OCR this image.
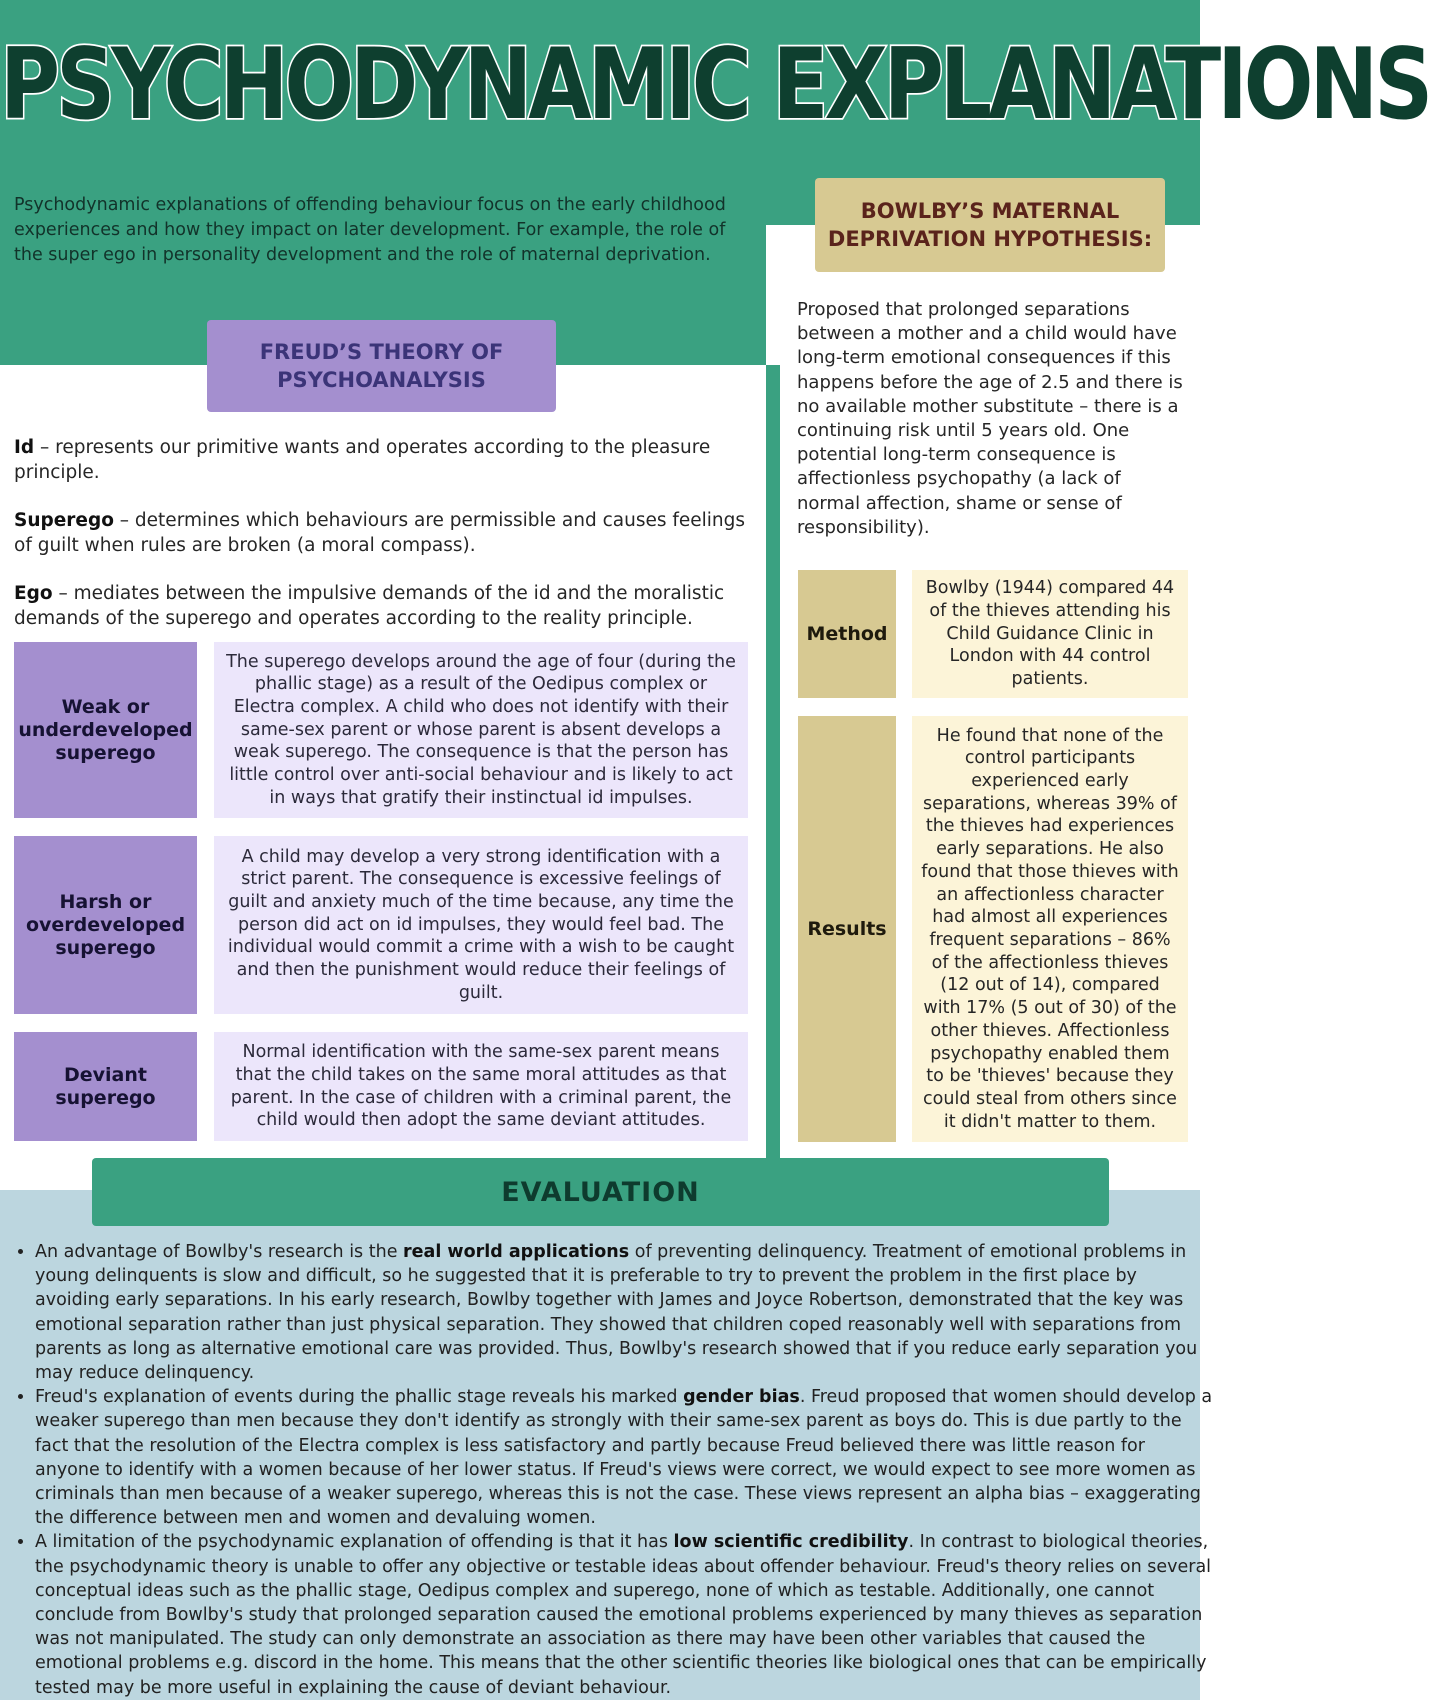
PSYCHODYNAMIC EXPLANATIONS

Psychodynamic explanations of offending behaviour focus on the early childhood experiences and how they impact on later development. For example, the role of the super ego in personality development and the role of maternal deprivation.

FREUD’S THEORY OF
PSYCHOANALYSIS

Id – represents our primitive wants and operates according to the pleasure principle.

Superego – determines which behaviours are permissible and causes feelings of guilt when rules are broken (a moral compass).

Ego – mediates between the impulsive demands of the id and the moralistic demands of the superego and operates according to the reality principle.

Weak or underdeveloped superego
The superego develops around the age of four (during the phallic stage) as a result of the Oedipus complex or Electra complex. A child who does not identify with their same-sex parent or whose parent is absent develops a weak superego. The consequence is that the person has little control over anti-social behaviour and is likely to act in ways that gratify their instinctual id impulses.
Harsh or overdeveloped superego
A child may develop a very strong identification with a strict parent. The consequence is excessive feelings of guilt and anxiety much of the time because, any time the person did act on id impulses, they would feel bad. The individual would commit a crime with a wish to be caught and then the punishment would reduce their feelings of guilt.
Deviant superego
Normal identification with the same-sex parent means that the child takes on the same moral attitudes as that parent. In the case of children with a criminal parent, the child would then adopt the same deviant attitudes.
BOWLBY’S MATERNAL
DEPRIVATION HYPOTHESIS:

Proposed that prolonged separations between a mother and a child would have long-term emotional consequences if this happens before the age of 2.5 and there is no available mother substitute – there is a continuing risk until 5 years old. One potential long-term consequence is affectionless psychopathy (a lack of normal affection, shame or sense of responsibility).

Method
Bowlby (1944) compared 44 of the thieves attending his Child Guidance Clinic in London with 44 control patients.
Results
He found that none of the control participants experienced early separations, whereas 39% of the thieves had experiences early separations. He also found that those thieves with an affectionless character had almost all experiences frequent separations – 86% of the affectionless thieves (12 out of 14), compared with 17% (5 out of 30) of the other thieves. Affectionless psychopathy enabled them to be 'thieves' because they could steal from others since it didn't matter to them.
EVALUATION
• An advantage of Bowlby's research is the real world applications of preventing delinquency. Treatment of emotional problems in young delinquents is slow and difficult, so he suggested that it is preferable to try to prevent the problem in the first place by avoiding early separations. In his early research, Bowlby together with James and Joyce Robertson, demonstrated that the key was emotional separation rather than just physical separation. They showed that children coped reasonably well with separations from parents as long as alternative emotional care was provided. Thus, Bowlby's research showed that if you reduce early separation you may reduce delinquency.
• Freud's explanation of events during the phallic stage reveals his marked gender bias. Freud proposed that women should develop a weaker superego than men because they don't identify as strongly with their same-sex parent as boys do. This is due partly to the fact that the resolution of the Electra complex is less satisfactory and partly because Freud believed there was little reason for anyone to identify with a women because of her lower status. If Freud's views were correct, we would expect to see more women as criminals than men because of a weaker superego, whereas this is not the case. These views represent an alpha bias – exaggerating the difference between men and women and devaluing women.
• A limitation of the psychodynamic explanation of offending is that it has low scientific credibility. In contrast to biological theories, the psychodynamic theory is unable to offer any objective or testable ideas about offender behaviour. Freud's theory relies on several conceptual ideas such as the phallic stage, Oedipus complex and superego, none of which as testable. Additionally, one cannot conclude from Bowlby's study that prolonged separation caused the emotional problems experienced by many thieves as separation was not manipulated. The study can only demonstrate an association as there may have been other variables that caused the emotional problems e.g. discord in the home. This means that the other scientific theories like biological ones that can be empirically tested may be more useful in explaining the cause of deviant behaviour.
